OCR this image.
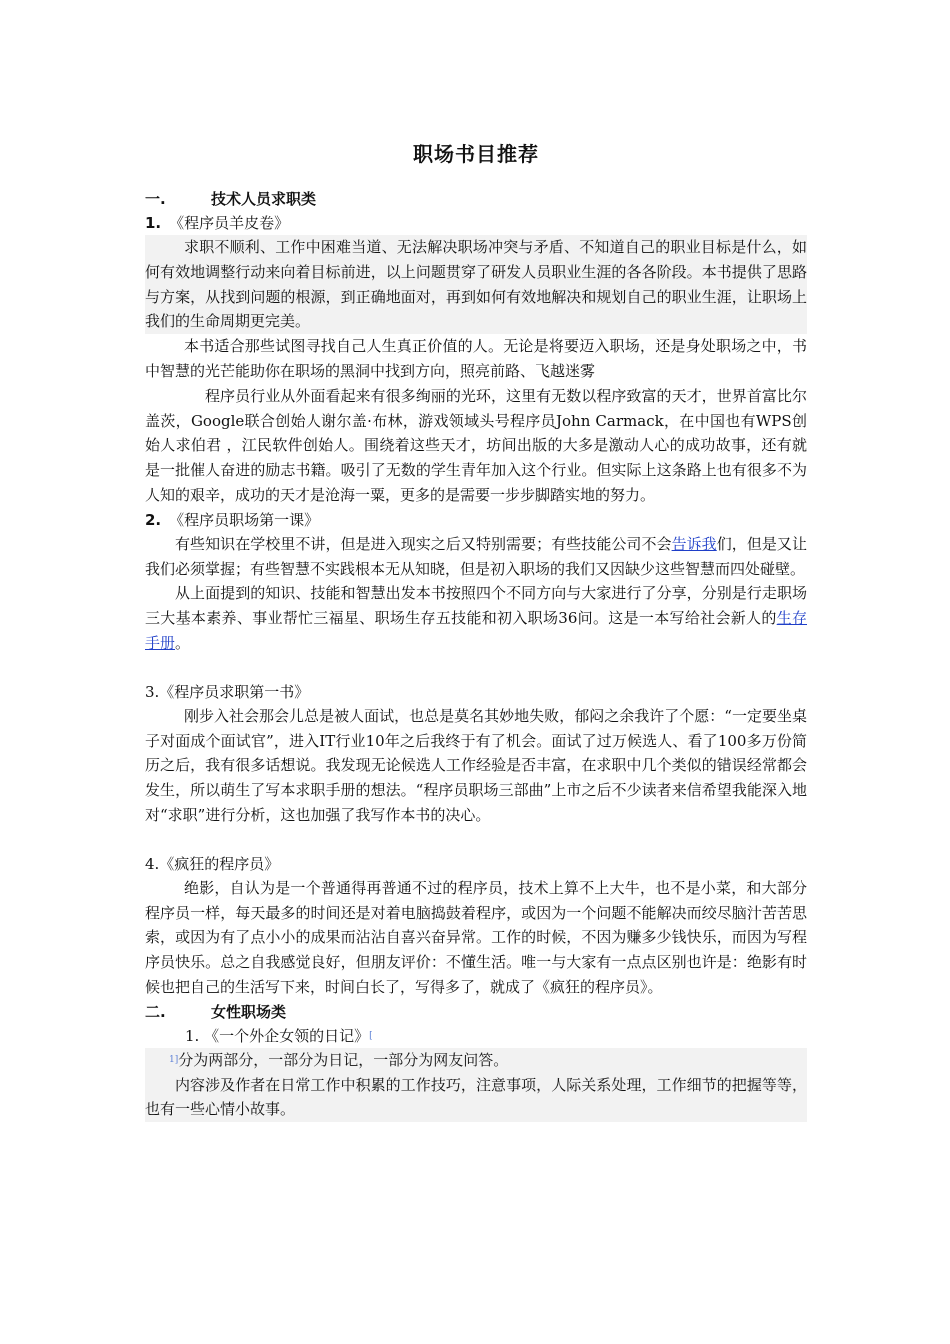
职场书目推荐
一.	技术人员求职类
1. 《程序员羊皮卷》

求职不顺利、工作中困难当道、无法解决职场冲突与矛盾、不知道自己的职业目标是什么，如何有效地调整行动来向着目标前进，以上问题贯穿了研发人员职业生涯的各各阶段。本书提供了思路与方案，从找到问题的根源，到正确地面对，再到如何有效地解决和规划自己的职业生涯，让职场上我们的生命周期更完美。

本书适合那些试图寻找自己人生真正价值的人。无论是将要迈入职场，还是身处职场之中，书中智慧的光芒能助你在职场的黑洞中找到方向，照亮前路、飞越迷雾

程序员行业从外面看起来有很多绚丽的光环，这里有无数以程序致富的天才，世界首富比尔盖茨，Google联合创始人谢尔盖·布林，游戏领域头号程序员John Carmack，在中国也有WPS创始人求伯君 ，江民软件创始人。围绕着这些天才，坊间出版的大多是激动人心的成功故事，还有就是一批催人奋进的励志书籍。吸引了无数的学生青年加入这个行业。但实际上这条路上也有很多不为人知的艰辛，成功的天才是沧海一粟，更多的是需要一步步脚踏实地的努力。

2. 《程序员职场第一课》

有些知识在学校里不讲，但是进入现实之后又特别需要；有些技能公司不会告诉我们，但是又让我们必须掌握；有些智慧不实践根本无从知晓，但是初入职场的我们又因缺少这些智慧而四处碰壁。

从上面提到的知识、技能和智慧出发本书按照四个不同方向与大家进行了分享，分别是行走职场三大基本素养、事业帮忙三福星、职场生存五技能和初入职场36问。这是一本写给社会新人的生存手册。

3.《程序员求职第一书》

刚步入社会那会儿总是被人面试，也总是莫名其妙地失败，郁闷之余我许了个愿：“一定要坐桌子对面成个面试官”，进入IT行业10年之后我终于有了机会。面试了过万候选人、看了100多万份简历之后，我有很多话想说。我发现无论候选人工作经验是否丰富，在求职中几个类似的错误经常都会发生，所以萌生了写本求职手册的想法。“程序员职场三部曲”上市之后不少读者来信希望我能深入地对“求职”进行分析，这也加强了我写作本书的决心。

4.《疯狂的程序员》

绝影，自认为是一个普通得再普通不过的程序员，技术上算不上大牛，也不是小菜，和大部分程序员一样，每天最多的时间还是对着电脑捣鼓着程序，或因为一个问题不能解决而绞尽脑汁苦苦思索，或因为有了点小小的成果而沾沾自喜兴奋异常。工作的时候，不因为赚多少钱快乐，而因为写程序员快乐。总之自我感觉良好，但朋友评价：不懂生活。唯一与大家有一点点区别也许是：绝影有时候也把自己的生活写下来，时间白长了，写得多了，就成了《疯狂的程序员》。

二.	女性职场类
1. 《一个外企女领的日记》[

$^{1]}$分为两部分，一部分为日记，一部分为网友问答。

内容涉及作者在日常工作中积累的工作技巧，注意事项，人际关系处理，工作细节的把握等等，也有一些心情小故事。
